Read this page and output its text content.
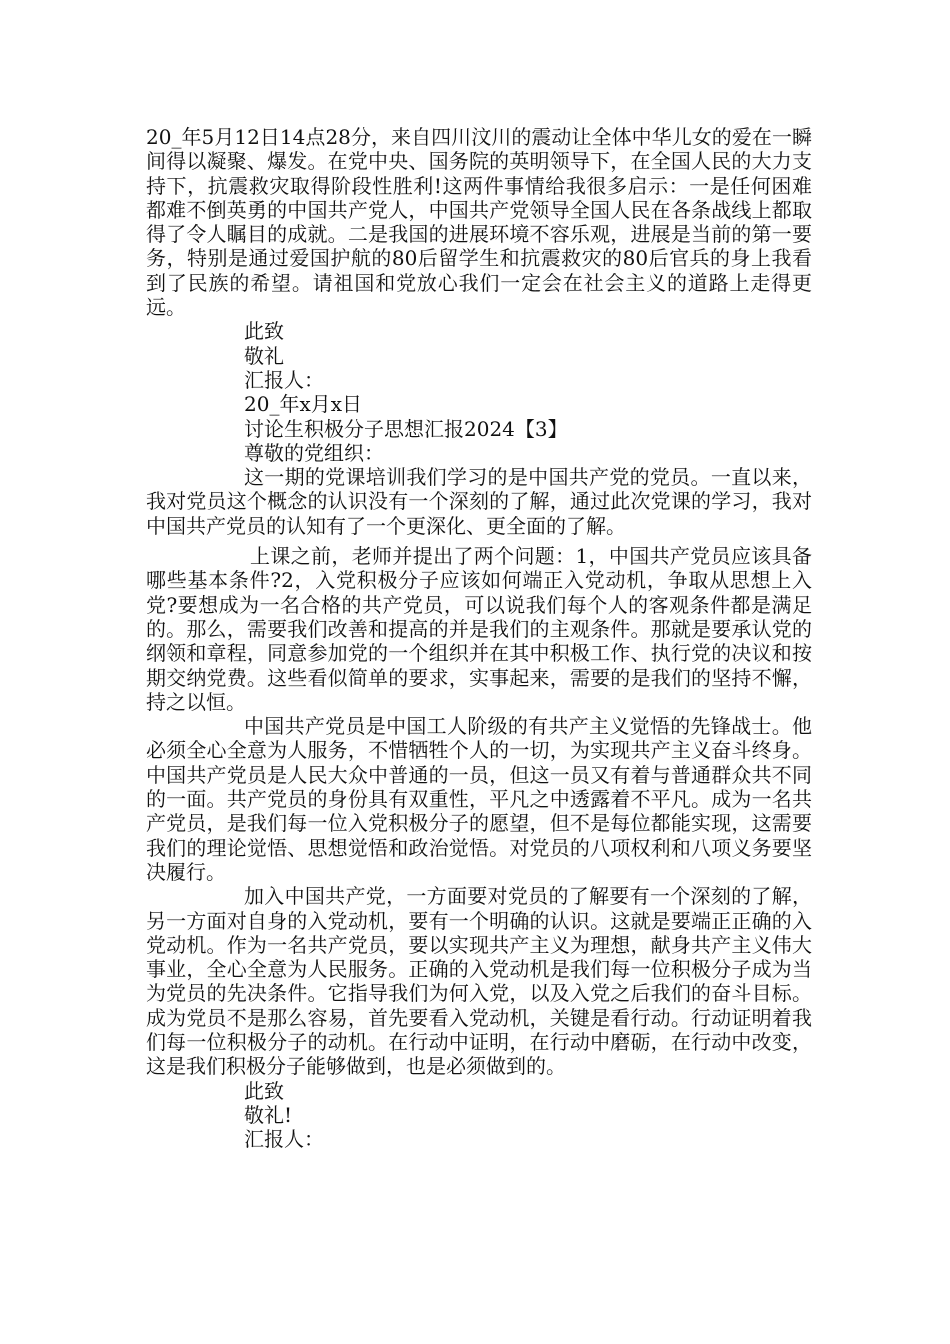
20_年5月12日14点28分，来自四川汶川的震动让全体中华儿女的爱在一瞬间得以凝聚、爆发。在党中央、国务院的英明领导下，在全国人民的大力支持下，抗震救灾取得阶段性胜利!这两件事情给我很多启示：一是任何困难都难不倒英勇的中国共产党人，中国共产党领导全国人民在各条战线上都取得了令人瞩目的成就。二是我国的进展环境不容乐观，进展是当前的第一要务，特别是通过爱国护航的80后留学生和抗震救灾的80后官兵的身上我看到了民族的希望。请祖国和党放心我们一定会在社会主义的道路上走得更远。

此致

敬礼

汇报人：

20_年x月x日

讨论生积极分子思想汇报2024【3】

尊敬的党组织：

这一期的党课培训我们学习的是中国共产党的党员。一直以来，我对党员这个概念的认识没有一个深刻的了解，通过此次党课的学习，我对中国共产党员的认知有了一个更深化、更全面的了解。

上课之前，老师并提出了两个问题：1，中国共产党员应该具备哪些基本条件?2，入党积极分子应该如何端正入党动机，争取从思想上入党?要想成为一名合格的共产党员，可以说我们每个人的客观条件都是满足的。那么，需要我们改善和提高的并是我们的主观条件。那就是要承认党的纲领和章程，同意参加党的一个组织并在其中积极工作、执行党的决议和按期交纳党费。这些看似简单的要求，实事起来，需要的是我们的坚持不懈，持之以恒。

中国共产党员是中国工人阶级的有共产主义觉悟的先锋战士。他必须全心全意为人服务，不惜牺牲个人的一切，为实现共产主义奋斗终身。中国共产党员是人民大众中普通的一员，但这一员又有着与普通群众共不同的一面。共产党员的身份具有双重性，平凡之中透露着不平凡。成为一名共产党员，是我们每一位入党积极分子的愿望，但不是每位都能实现，这需要我们的理论觉悟、思想觉悟和政治觉悟。对党员的八项权利和八项义务要坚决履行。

加入中国共产党，一方面要对党员的了解要有一个深刻的了解，另一方面对自身的入党动机，要有一个明确的认识。这就是要端正正确的入党动机。作为一名共产党员，要以实现共产主义为理想，献身共产主义伟大事业，全心全意为人民服务。正确的入党动机是我们每一位积极分子成为当为党员的先决条件。它指导我们为何入党，以及入党之后我们的奋斗目标。成为党员不是那么容易，首先要看入党动机，关键是看行动。行动证明着我们每一位积极分子的动机。在行动中证明，在行动中磨砺，在行动中改变，这是我们积极分子能够做到，也是必须做到的。

此致

敬礼!

汇报人：
